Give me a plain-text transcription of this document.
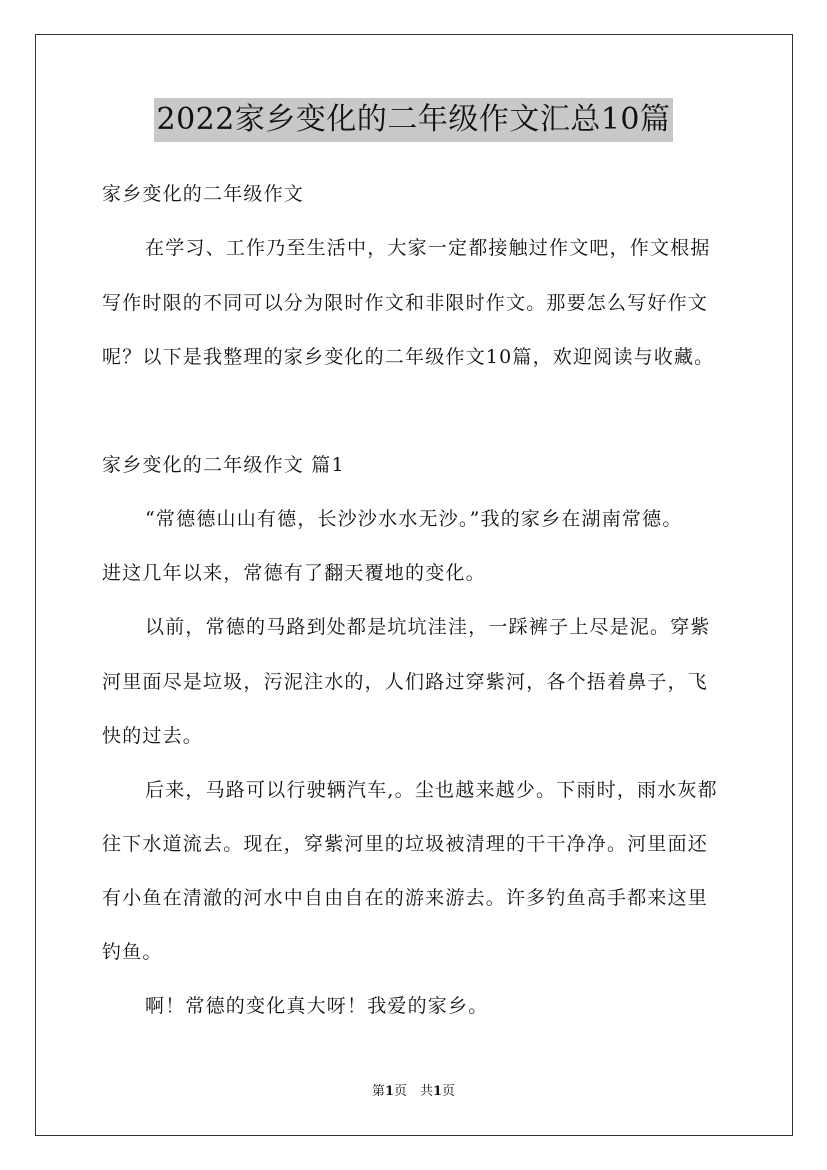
2022家乡变化的二年级作文汇总10篇
家乡变化的二年级作文
在学习、工作乃至生活中，大家一定都接触过作文吧，作文根据
写作时限的不同可以分为限时作文和非限时作文。那要怎么写好作文
呢？以下是我整理的家乡变化的二年级作文10篇，欢迎阅读与收藏。
家乡变化的二年级作文 篇1
“常德德山山有德，长沙沙水水无沙。”我的家乡在湖南常德。
进这几年以来，常德有了翻天覆地的变化。
以前，常德的马路到处都是坑坑洼洼，一踩裤子上尽是泥。穿紫
河里面尽是垃圾，污泥注水的，人们路过穿紫河，各个捂着鼻子，飞
快的过去。
后来，马路可以行驶辆汽车,。尘也越来越少。下雨时，雨水灰都
往下水道流去。现在，穿紫河里的垃圾被清理的干干净净。河里面还
有小鱼在清澈的河水中自由自在的游来游去。许多钓鱼高手都来这里
钓鱼。
啊！常德的变化真大呀！我爱的家乡。
第1页　共1页
